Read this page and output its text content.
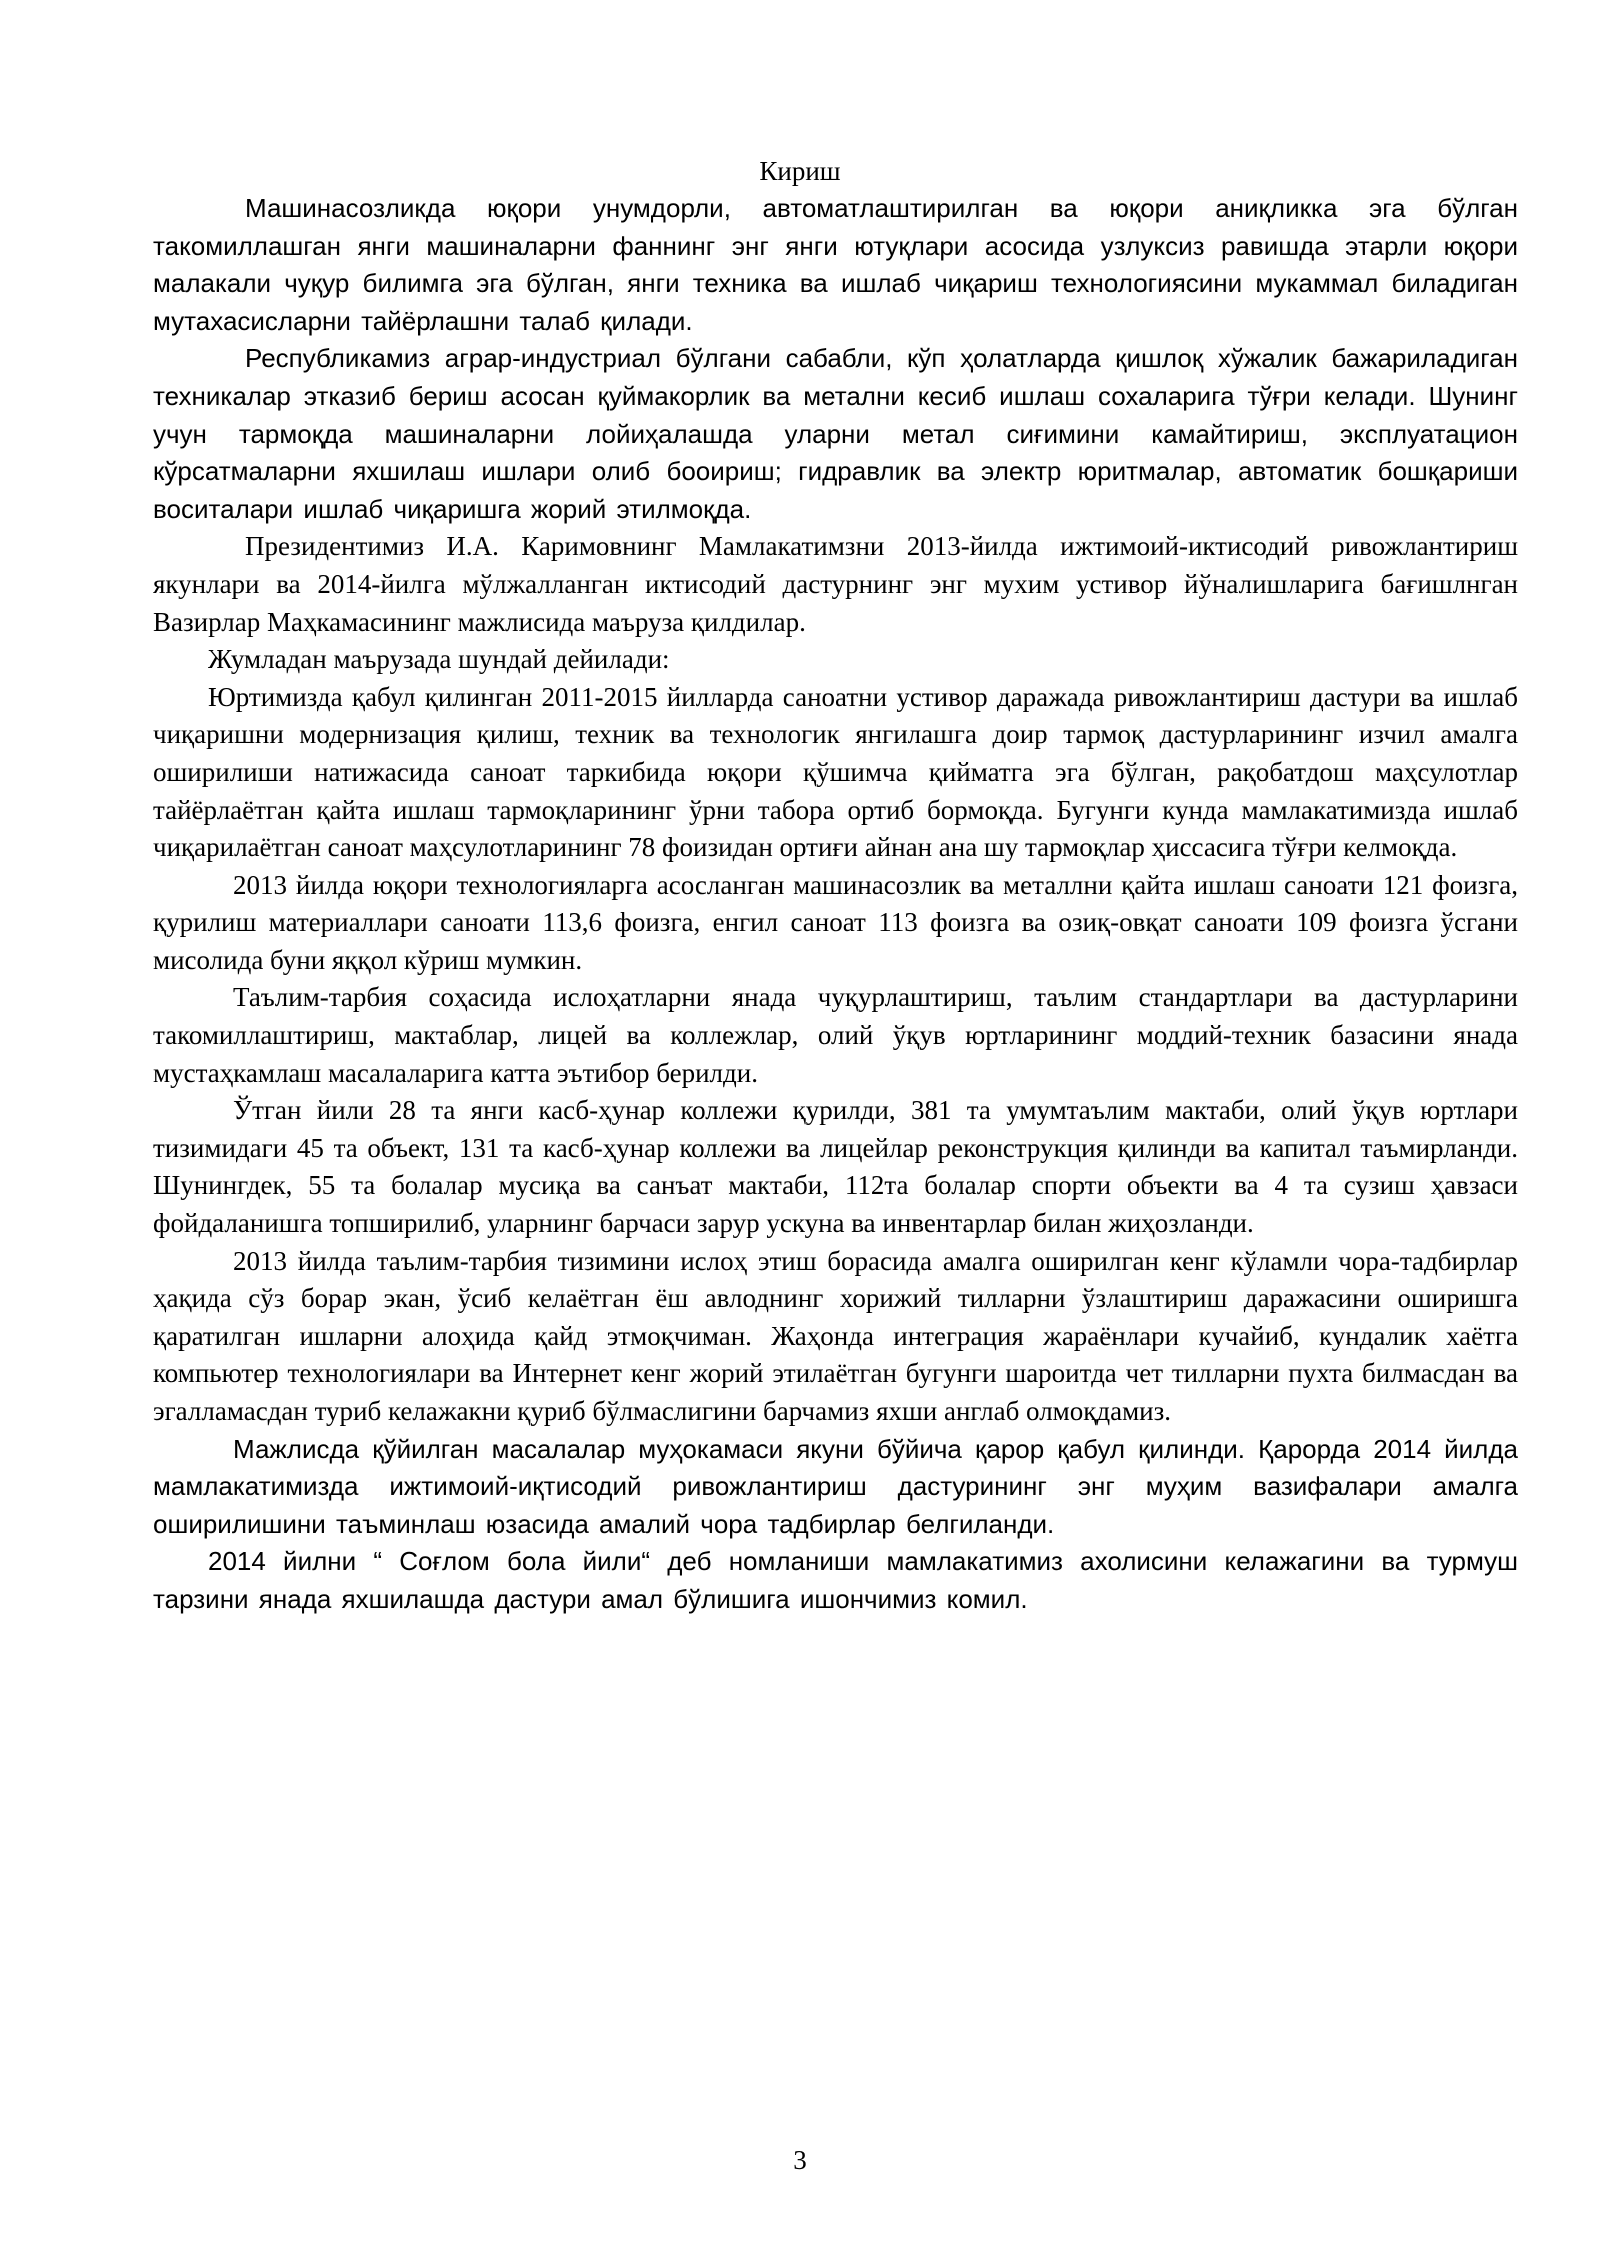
Кириш

Машинасозликда юқори унумдорли, автоматлаштирилган ва юқори аниқликка эга бўлган такомиллашган янги машиналарни фаннинг энг янги ютуқлари асосида узлуксиз равишда этарли юқори малакали чуқур билимга эга бўлган, янги техника ва ишлаб чиқариш технологиясини мукаммал биладиган мутахасисларни тайёрлашни талаб қилади.

Республикамиз аграр-индустриал бўлгани сабабли, кўп ҳолатларда қишлоқ хўжалик бажариладиган техникалар этказиб бериш асосан қуймакорлик ва метални кесиб ишлаш сохаларига тўғри келади. Шунинг учун тармоқда машиналарни лойиҳалашда уларни метал сиғимини камайтириш, эксплуатацион кўрсатмаларни яхшилаш ишлари олиб бооириш; гидравлик ва электр юритмалар, автоматик бошқариши воситалари ишлаб чиқаришга жорий этилмоқда.

Президентимиз И.А. Каримовнинг Мамлакатимзни 2013-йилда ижтимоий-иктисодий ривожлантириш якунлари ва 2014-йилга мўлжалланган иктисодий дастурнинг энг мухим устивор йўналишларига бағишлнган Вазирлар Маҳкамасининг мажлисида маъруза қилдилар.

Жумладан маърузада шундай дейилади:

Юртимизда қабул қилинган 2011-2015 йилларда саноатни устивор даражада ривожлантириш дастури ва ишлаб чиқаришни модернизация қилиш, техник ва технологик янгилашга доир тармоқ дастурларининг изчил амалга оширилиши натижасида саноат таркибида юқори қўшимча қийматга эга бўлган, рақобатдош маҳсулотлар тайёрлаётган қайта ишлаш тармоқларининг ўрни табора ортиб бормоқда. Бугунги кунда мамлакатимизда ишлаб чиқарилаётган саноат маҳсулотларининг 78 фоизидан ортиғи айнан ана шу тармоқлар ҳиссасига тўғри келмоқда.

2013 йилда юқори технологияларга асосланган машинасозлик ва металлни қайта ишлаш саноати 121 фоизга, қурилиш материаллари саноати 113,6 фоизга, енгил саноат 113 фоизга ва озиқ-овқат саноати 109 фоизга ўсгани мисолида буни яққол кўриш мумкин.

Таълим-тарбия соҳасида ислоҳатларни янада чуқурлаштириш, таълим стандартлари ва дастурларини такомиллаштириш, мактаблар, лицей ва коллежлар, олий ўқув юртларининг моддий-техник базасини янада мустаҳкамлаш масалаларига катта эътибор берилди.

Ўтган йили 28 та янги касб-ҳунар коллежи қурилди, 381 та умумтаълим мактаби, олий ўқув юртлари тизимидаги 45 та объект, 131 та касб-ҳунар коллежи ва лицейлар реконструкция қилинди ва капитал таъмирланди. Шунингдек, 55 та болалар мусиқа ва санъат мактаби, 112та болалар спорти объекти ва 4 та сузиш ҳавзаси фойдаланишга топширилиб, уларнинг барчаси зарур ускуна ва инвентарлар билан жиҳозланди.

2013 йилда таълим-тарбия тизимини ислоҳ этиш борасида амалга оширилган кенг кўламли чора-тадбирлар ҳақида сўз борар экан, ўсиб келаётган ёш авлоднинг хорижий тилларни ўзлаштириш даражасини оширишга қаратилган ишларни алоҳида қайд этмоқчиман. Жаҳонда интеграция жараёнлари кучайиб, кундалик хаётга компьютер технологиялари ва Интернет кенг жорий этилаётган бугунги шароитда чет тилларни пухта билмасдан ва эгалламасдан туриб келажакни қуриб бўлмаслигини барчамиз яхши англаб олмоқдамиз.

Мажлисда қўйилган масалалар муҳокамаси якуни бўйича қарор қабул қилинди. Қарорда 2014 йилда мамлакатимизда ижтимоий-иқтисодий ривожлантириш дастурининг энг муҳим вазифалари амалга оширилишини таъминлаш юзасида амалий чора тадбирлар белгиланди.

2014 йилни “ Соғлом бола йили“ деб номланиши мамлакатимиз ахолисини келажагини ва турмуш тарзини янада яхшилашда дастури амал бўлишига ишончимиз комил.

3
